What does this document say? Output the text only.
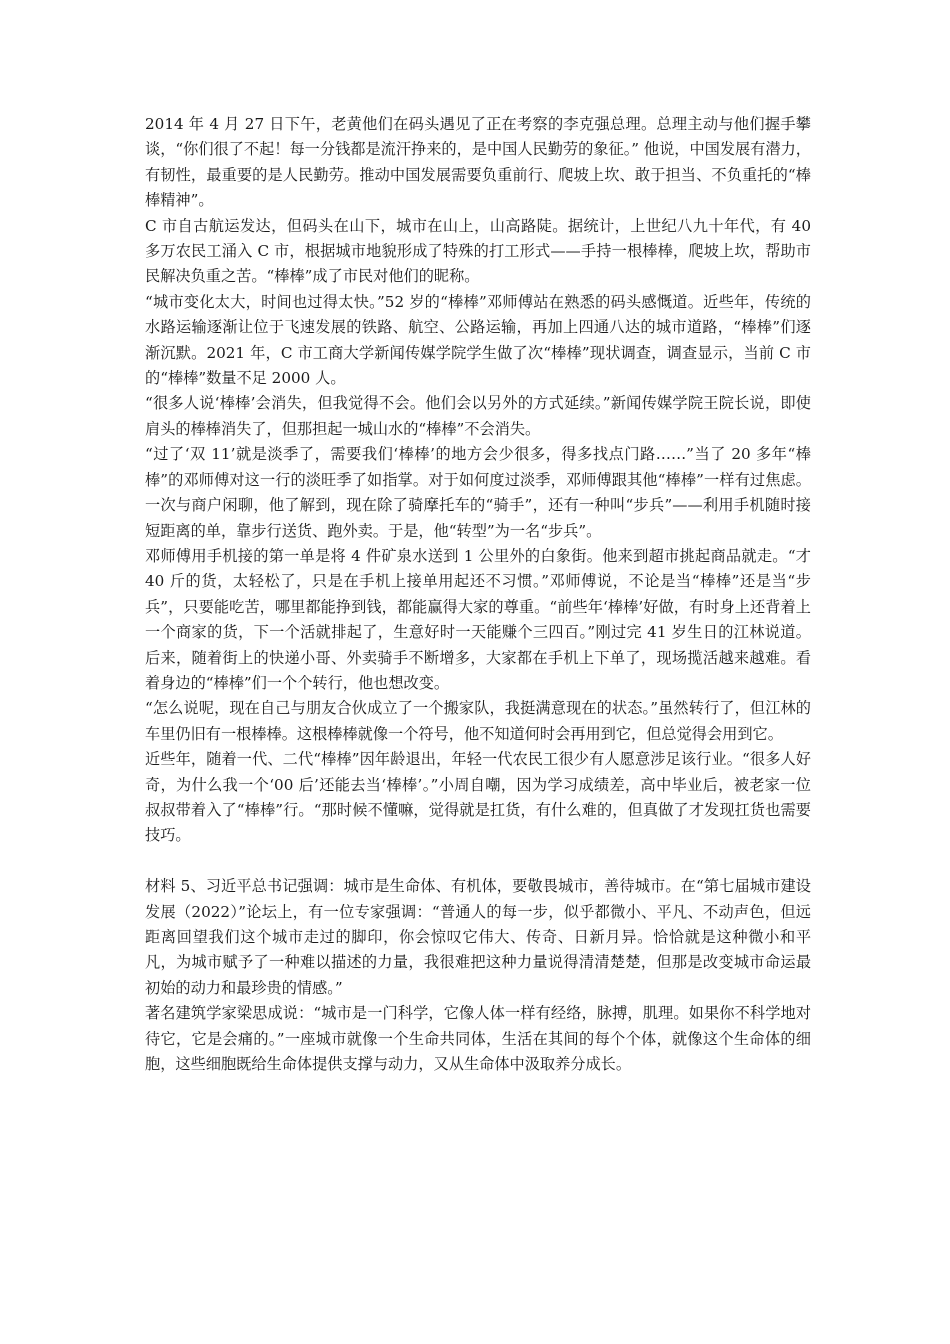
2014 年 4 月 27 日下午，老黄他们在码头遇见了正在考察的李克强总理。总理主动与他们握手攀谈，“你们很了不起！每一分钱都是流汗挣来的，是中国人民勤劳的象征。” 他说，中国发展有潜力，有韧性，最重要的是人民勤劳。推动中国发展需要负重前行、爬坡上坎、敢于担当、不负重托的“棒棒精神”。

C 市自古航运发达，但码头在山下，城市在山上，山高路陡。据统计，上世纪八九十年代，有 40 多万农民工涌入 C 市，根据城市地貌形成了特殊的打工形式——手持一根棒棒，爬坡上坎，帮助市民解决负重之苦。“棒棒”成了市民对他们的昵称。

“城市变化太大，时间也过得太快。”52 岁的“棒棒”邓师傅站在熟悉的码头感慨道。近些年，传统的水路运输逐渐让位于飞速发展的铁路、航空、公路运输，再加上四通八达的城市道路，“棒棒”们逐渐沉默。2021 年，C 市工商大学新闻传媒学院学生做了次“棒棒”现状调查，调查显示，当前 C 市的“棒棒”数量不足 2000 人。

“很多人说‘棒棒’会消失，但我觉得不会。他们会以另外的方式延续。”新闻传媒学院王院长说，即使肩头的棒棒消失了，但那担起一城山水的“棒棒”不会消失。

“过了‘双 11’就是淡季了，需要我们‘棒棒’的地方会少很多，得多找点门路……”当了 20 多年“棒棒”的邓师傅对这一行的淡旺季了如指掌。对于如何度过淡季，邓师傅跟其他“棒棒”一样有过焦虑。一次与商户闲聊，他了解到，现在除了骑摩托车的“骑手”，还有一种叫“步兵”——利用手机随时接短距离的单，靠步行送货、跑外卖。于是，他“转型”为一名“步兵”。

邓师傅用手机接的第一单是将 4 件矿泉水送到 1 公里外的白象街。他来到超市挑起商品就走。“才 40 斤的货，太轻松了，只是在手机上接单用起还不习惯。”邓师傅说，不论是当“棒棒”还是当“步兵”，只要能吃苦，哪里都能挣到钱，都能赢得大家的尊重。“前些年‘棒棒’好做，有时身上还背着上一个商家的货，下一个活就排起了，生意好时一天能赚个三四百。”刚过完 41 岁生日的江林说道。后来，随着街上的快递小哥、外卖骑手不断增多，大家都在手机上下单了，现场揽活越来越难。看着身边的“棒棒”们一个个转行，他也想改变。

“怎么说呢，现在自己与朋友合伙成立了一个搬家队，我挺满意现在的状态。”虽然转行了，但江林的车里仍旧有一根棒棒。这根棒棒就像一个符号，他不知道何时会再用到它，但总觉得会用到它。

近些年，随着一代、二代“棒棒”因年龄退出，年轻一代农民工很少有人愿意涉足该行业。“很多人好奇，为什么我一个‘00 后’还能去当‘棒棒’。”小周自嘲，因为学习成绩差，高中毕业后，被老家一位叔叔带着入了“棒棒”行。“那时候不懂嘛，觉得就是扛货，有什么难的，但真做了才发现扛货也需要技巧。

材料 5、习近平总书记强调：城市是生命体、有机体，要敬畏城市，善待城市。在“第七届城市建设发展（2022）”论坛上，有一位专家强调：“普通人的每一步，似乎都微小、平凡、不动声色，但远距离回望我们这个城市走过的脚印，你会惊叹它伟大、传奇、日新月异。恰恰就是这种微小和平凡，为城市赋予了一种难以描述的力量，我很难把这种力量说得清清楚楚，但那是改变城市命运最初始的动力和最珍贵的情感。”

著名建筑学家梁思成说：“城市是一门科学，它像人体一样有经络，脉搏，肌理。如果你不科学地对待它，它是会痛的。”一座城市就像一个生命共同体，生活在其间的每个个体，就像这个生命体的细胞，这些细胞既给生命体提供支撑与动力，又从生命体中汲取养分成长。
